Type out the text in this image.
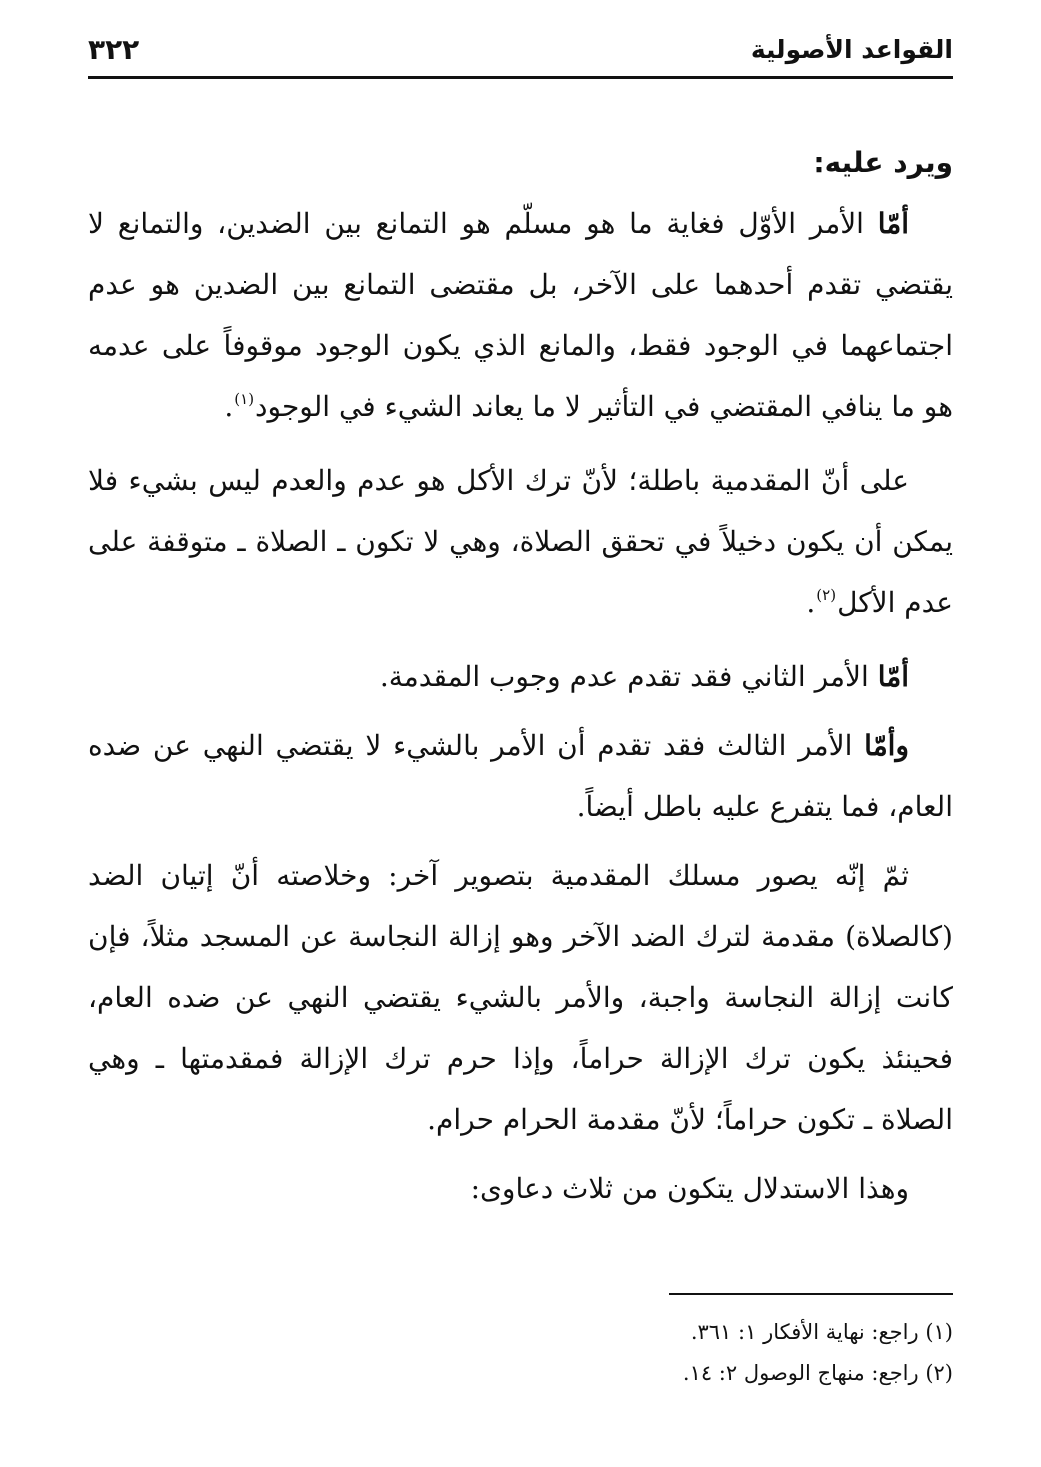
القواعد الأصولية
٣٢٢
ويرد عليه:

أمّا الأمر الأوّل فغاية ما هو مسلّم هو التمانع بين الضدين، والتمانع لا يقتضي تقدم أحدهما على الآخر، بل مقتضى التمانع بين الضدين هو عدم اجتماعهما في الوجود فقط، والمانع الذي يكون الوجود موقوفاً على عدمه هو ما ينافي المقتضي في التأثير لا ما يعاند الشيء في الوجود$^{(١)}$.

على أنّ المقدمية باطلة؛ لأنّ ترك الأكل هو عدم والعدم ليس بشيء فلا يمكن أن يكون دخيلاً في تحقق الصلاة، وهي لا تكون ـ الصلاة ـ متوقفة على عدم الأكل$^{(٢)}$.

أمّا الأمر الثاني فقد تقدم عدم وجوب المقدمة.

وأمّا الأمر الثالث فقد تقدم أن الأمر بالشيء لا يقتضي النهي عن ضده العام، فما يتفرع عليه باطل أيضاً.

ثمّ إنّه يصور مسلك المقدمية بتصوير آخر: وخلاصته أنّ إتيان الضد (كالصلاة) مقدمة لترك الضد الآخر وهو إزالة النجاسة عن المسجد مثلاً، فإن كانت إزالة النجاسة واجبة، والأمر بالشيء يقتضي النهي عن ضده العام، فحينئذ يكون ترك الإزالة حراماً، وإذا حرم ترك الإزالة فمقدمتها ـ وهي الصلاة ـ تكون حراماً؛ لأنّ مقدمة الحرام حرام.

وهذا الاستدلال يتكون من ثلاث دعاوى:

(١) راجع: نهاية الأفكار ١: ٣٦١.

(٢) راجع: منهاج الوصول ٢: ١٤.
